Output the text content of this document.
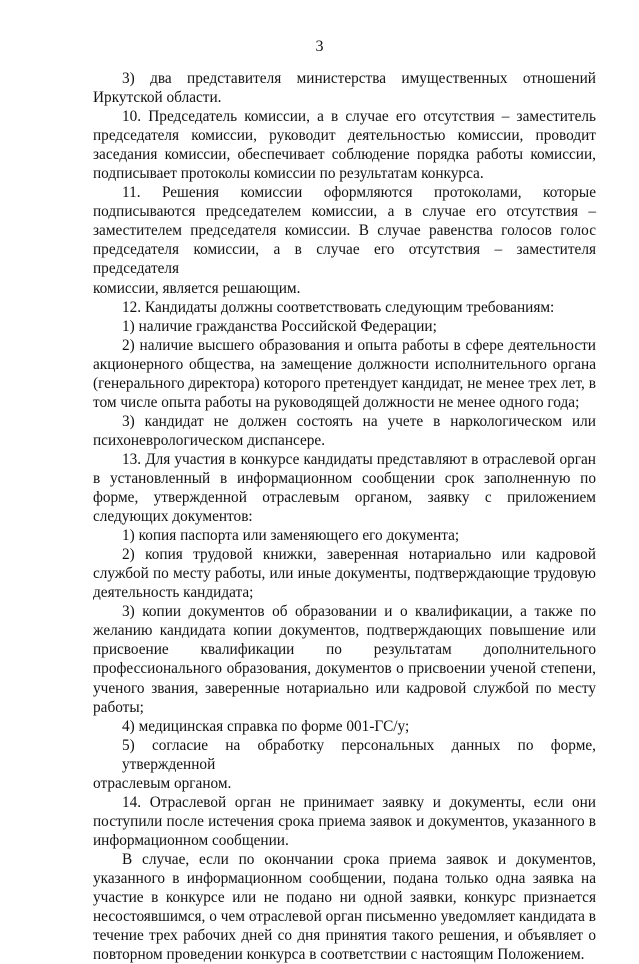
3
3) два представителя министерства имущественных отношений
Иркутской области.
10. Председатель комиссии, а в случае его отсутствия – заместитель
председателя комиссии, руководит деятельностью комиссии, проводит
заседания комиссии, обеспечивает соблюдение порядка работы комиссии,
подписывает протоколы комиссии по результатам конкурса.
11. Решения комиссии оформляются протоколами, которые
подписываются председателем комиссии, а в случае его отсутствия –
заместителем председателя комиссии. В случае равенства голосов голос
председателя комиссии, а в случае его отсутствия – заместителя председателя
комиссии, является решающим.
12. Кандидаты должны соответствовать следующим требованиям:
1) наличие гражданства Российской Федерации;
2) наличие высшего образования и опыта работы в сфере деятельности
акционерного общества, на замещение должности исполнительного органа
(генерального директора) которого претендует кандидат, не менее трех лет, в
том числе опыта работы на руководящей должности не менее одного года;
3) кандидат не должен состоять на учете в наркологическом или
психоневрологическом диспансере.
13. Для участия в конкурсе кандидаты представляют в отраслевой орган
в установленный в информационном сообщении срок заполненную по
форме, утвержденной отраслевым органом, заявку с приложением
следующих документов:
1) копия паспорта или заменяющего его документа;
2) копия трудовой книжки, заверенная нотариально или кадровой
службой по месту работы, или иные документы, подтверждающие трудовую
деятельность кандидата;
3) копии документов об образовании и о квалификации, а также по
желанию кандидата копии документов, подтверждающих повышение или
присвоение квалификации по результатам дополнительного
профессионального образования, документов о присвоении ученой степени,
ученого звания, заверенные нотариально или кадровой службой по месту
работы;
4) медицинская справка по форме 001-ГС/у;
5) согласие на обработку персональных данных по форме, утвержденной
отраслевым органом.
14. Отраслевой орган не принимает заявку и документы, если они
поступили после истечения срока приема заявок и документов, указанного в
информационном сообщении.
В случае, если по окончании срока приема заявок и документов,
указанного в информационном сообщении, подана только одна заявка на
участие в конкурсе или не подано ни одной заявки, конкурс признается
несостоявшимся, о чем отраслевой орган письменно уведомляет кандидата в
течение трех рабочих дней со дня принятия такого решения, и объявляет о
повторном проведении конкурса в соответствии с настоящим Положением.
